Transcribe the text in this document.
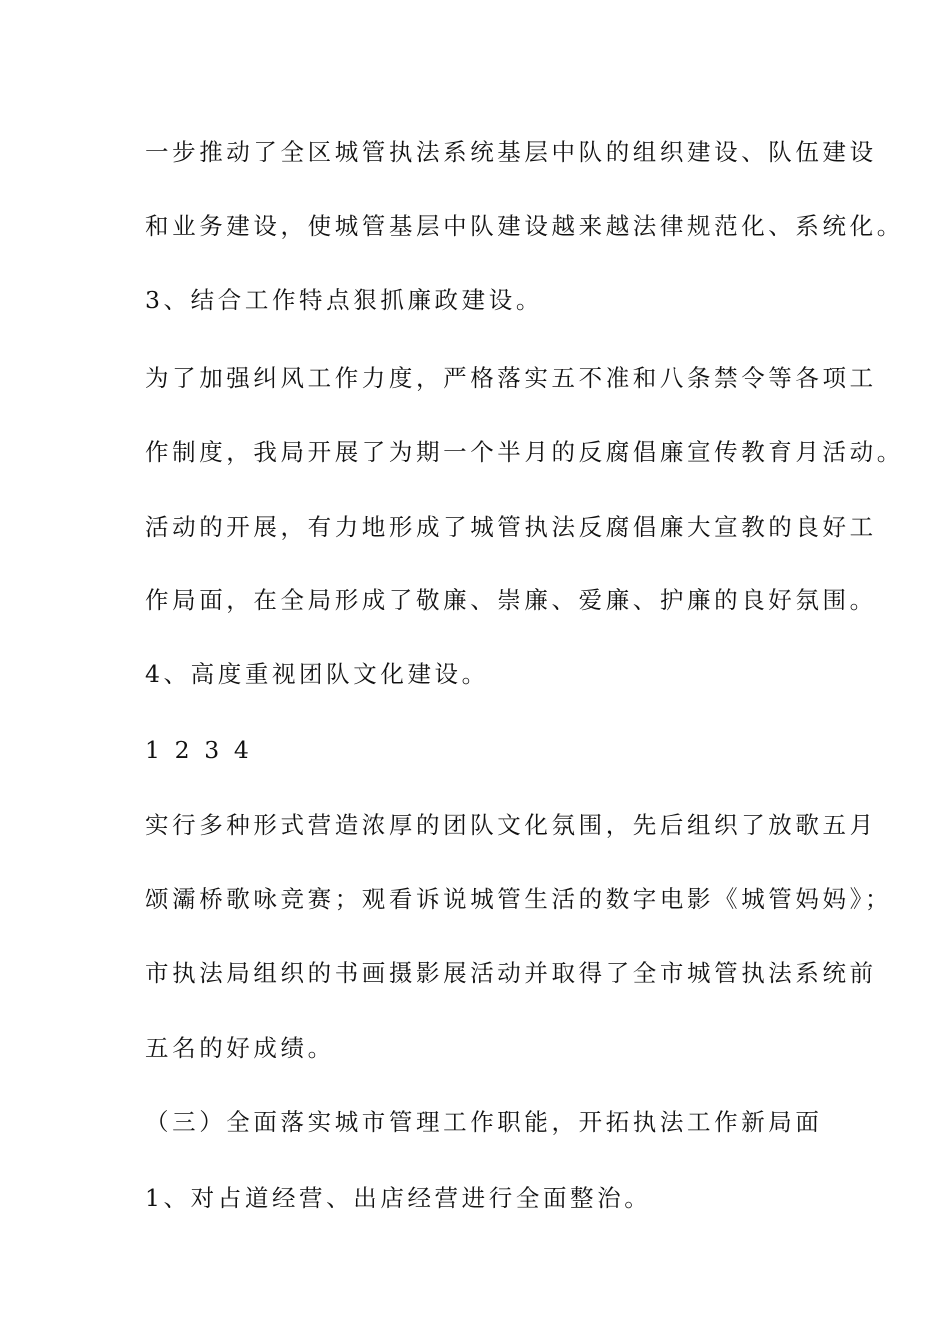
一步推动了全区城管执法系统基层中队的组织建设、队伍建设
和业务建设，使城管基层中队建设越来越法律规范化、系统化。
3、结合工作特点狠抓廉政建设。
为了加强纠风工作力度，严格落实五不准和八条禁令等各项工
作制度，我局开展了为期一个半月的反腐倡廉宣传教育月活动。
活动的开展，有力地形成了城管执法反腐倡廉大宣教的良好工
作局面，在全局形成了敬廉、崇廉、爱廉、护廉的良好氛围。
4、高度重视团队文化建设。
1 2 3 4
实行多种形式营造浓厚的团队文化氛围，先后组织了放歌五月
颂灞桥歌咏竞赛；观看诉说城管生活的数字电影《城管妈妈》；
市执法局组织的书画摄影展活动并取得了全市城管执法系统前
五名的好成绩。
（三）全面落实城市管理工作职能，开拓执法工作新局面
1、对占道经营、出店经营进行全面整治。
